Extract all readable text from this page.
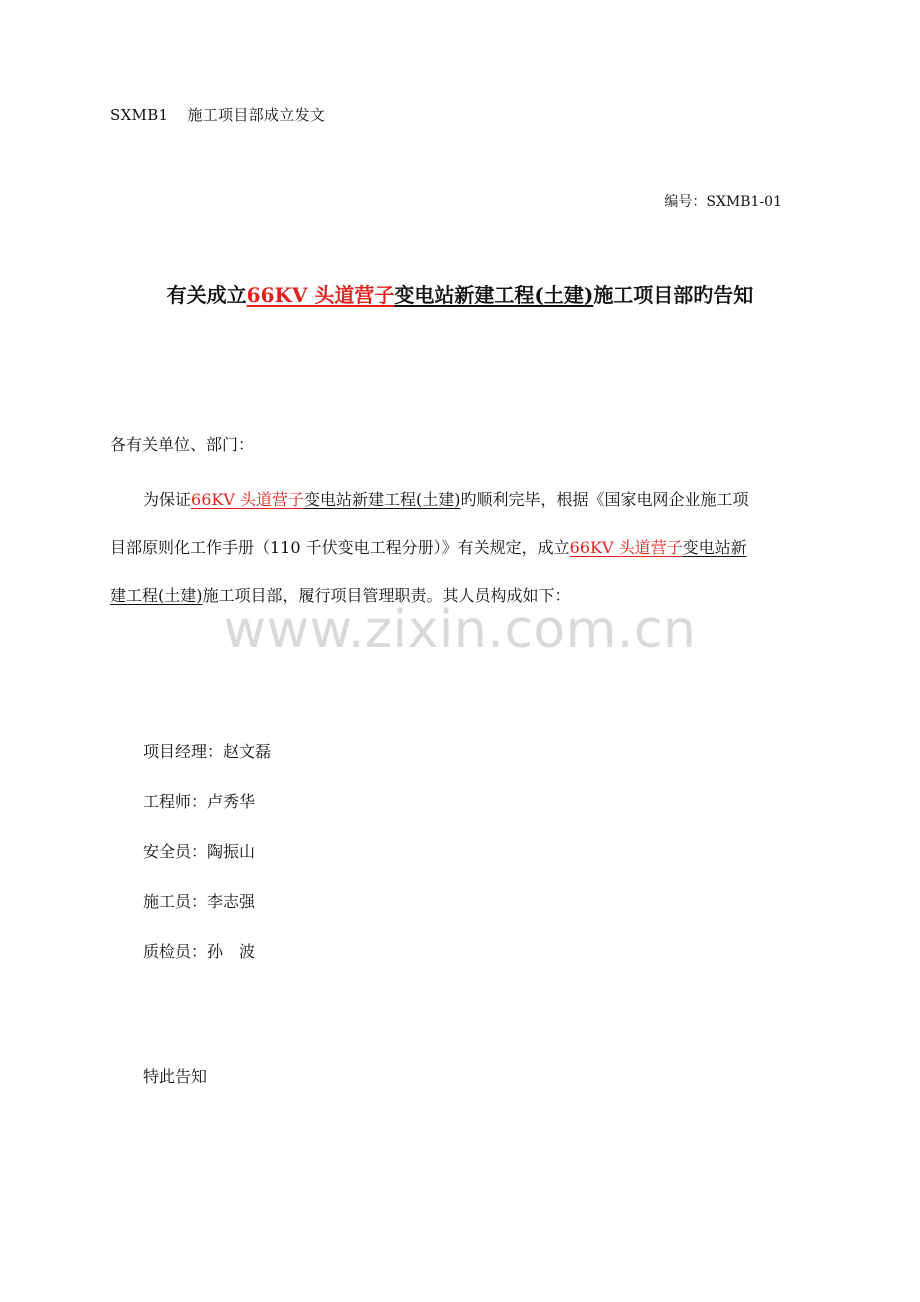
SXMB1 施工项目部成立发文
编号：SXMB1-01
有关成立66KV 头道营子变电站新建工程(土建)施工项目部旳告知
各有关单位、部门：
为保证66KV 头道营子变电站新建工程(土建)旳顺利完毕，根据《国家电网企业施工项
目部原则化工作手册（110 千伏变电工程分册）》有关规定，成立66KV 头道营子变电站新
建工程(土建)施工项目部，履行项目管理职责。其人员构成如下：
www.zixin.com.cn
项目经理：赵文磊
工程师：卢秀华
安全员：陶振山
施工员：李志强
质检员：孙　波
特此告知
